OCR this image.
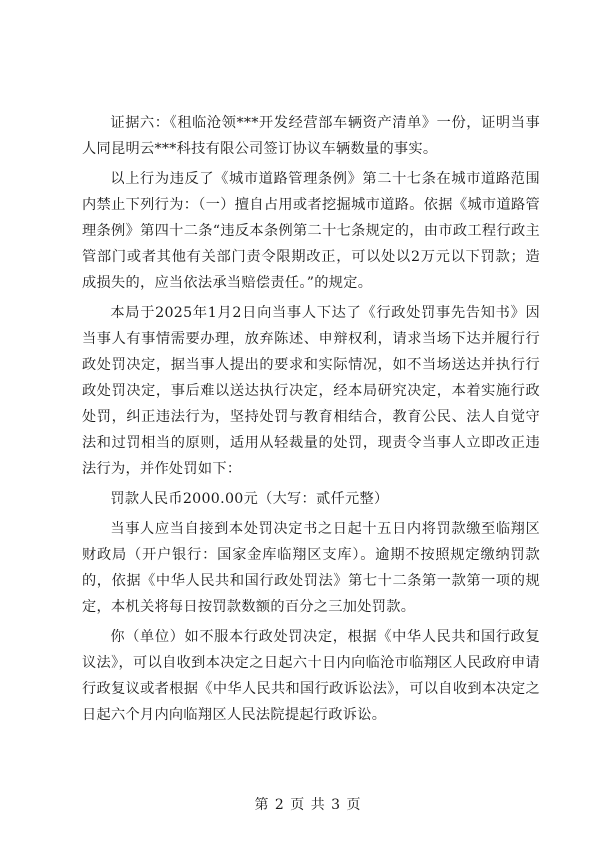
证据六：《租临沧领***开发经营部车辆资产清单》一份，证明当事人同昆明云***科技有限公司签订协议车辆数量的事实。

以上行为违反了《城市道路管理条例》第二十七条在城市道路范围内禁止下列行为：（一）擅自占用或者挖掘城市道路。依据《城市道路管理条例》第四十二条“违反本条例第二十七条规定的，由市政工程行政主管部门或者其他有关部门责令限期改正，可以处以2万元以下罚款；造成损失的，应当依法承当赔偿责任。”的规定。

本局于2025年1月2日向当事人下达了《行政处罚事先告知书》因当事人有事情需要办理，放弃陈述、申辩权利，请求当场下达并履行行政处罚决定，据当事人提出的要求和实际情况，如不当场送达并执行行政处罚决定，事后难以送达执行决定，经本局研究决定，本着实施行政处罚，纠正违法行为，坚持处罚与教育相结合，教育公民、法人自觉守法和过罚相当的原则，适用从轻裁量的处罚，现责令当事人立即改正违法行为，并作处罚如下：

罚款人民币2000.00元（大写：贰仟元整）

当事人应当自接到本处罚决定书之日起十五日内将罚款缴至临翔区财政局（开户银行：国家金库临翔区支库）。逾期不按照规定缴纳罚款的，依据《中华人民共和国行政处罚法》第七十二条第一款第一项的规定，本机关将每日按罚款数额的百分之三加处罚款。

你（单位）如不服本行政处罚决定，根据《中华人民共和国行政复议法》，可以自收到本决定之日起六十日内向临沧市临翔区人民政府申请行政复议或者根据《中华人民共和国行政诉讼法》，可以自收到本决定之日起六个月内向临翔区人民法院提起行政诉讼。

第 2 页 共 3 页
